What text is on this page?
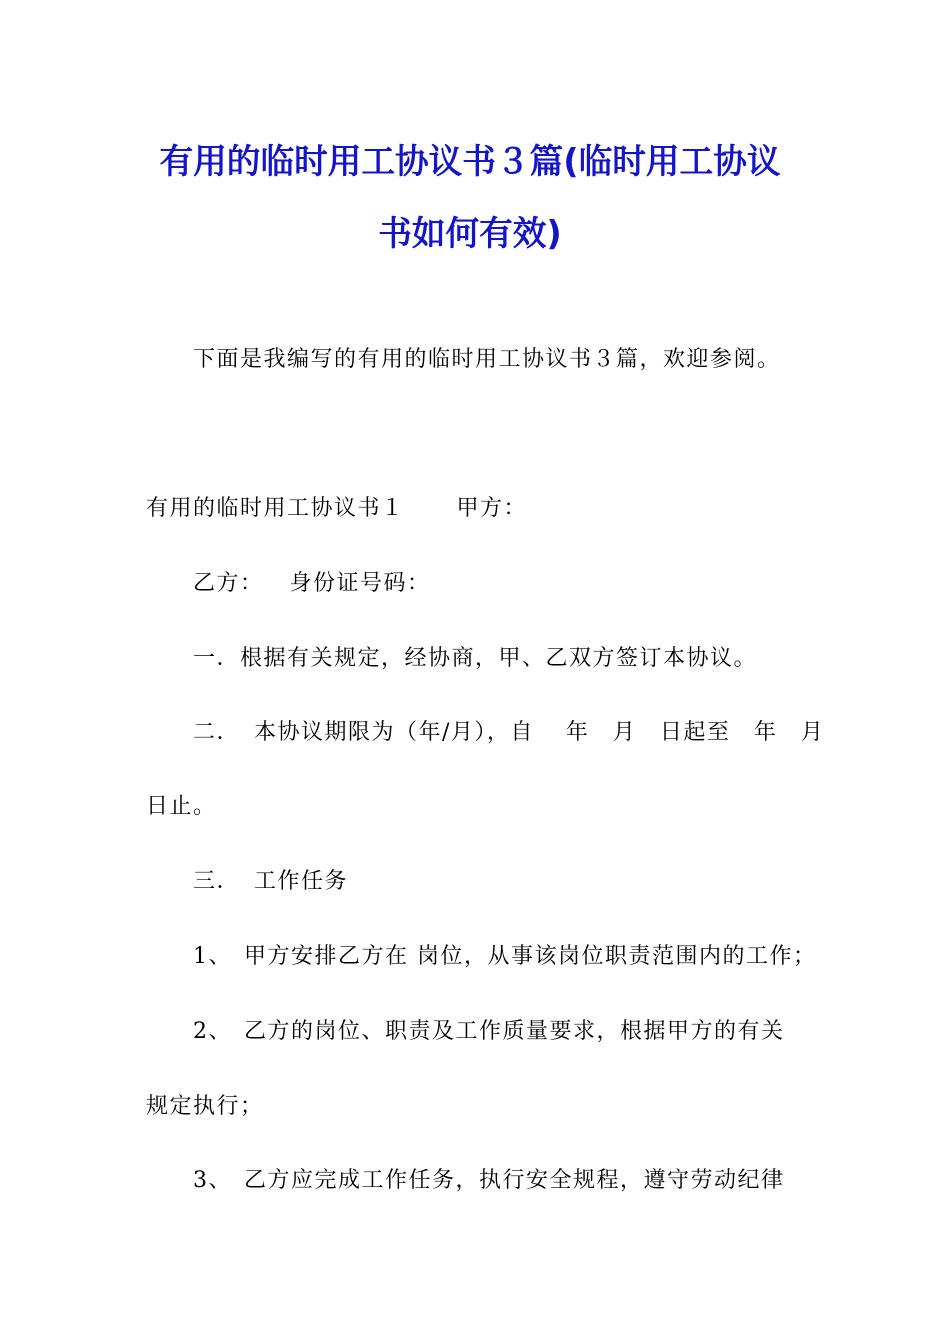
有用的临时用工协议书３篇(临时用工协议
书如何有效)
下面是我编写的有用的临时用工协议书３篇，欢迎参阅。
有用的临时用工协议书１ 甲方：
乙方： 身份证号码：
一．根据有关规定，经协商，甲、乙双方签订本协议。
二． 本协议期限为（年/月），自　 年　月　日起至　年　月
日止。
三． 工作任务
1、 甲方安排乙方在 岗位，从事该岗位职责范围内的工作；
2、 乙方的岗位、职责及工作质量要求，根据甲方的有关
规定执行；
3、 乙方应完成工作任务，执行安全规程，遵守劳动纪律
